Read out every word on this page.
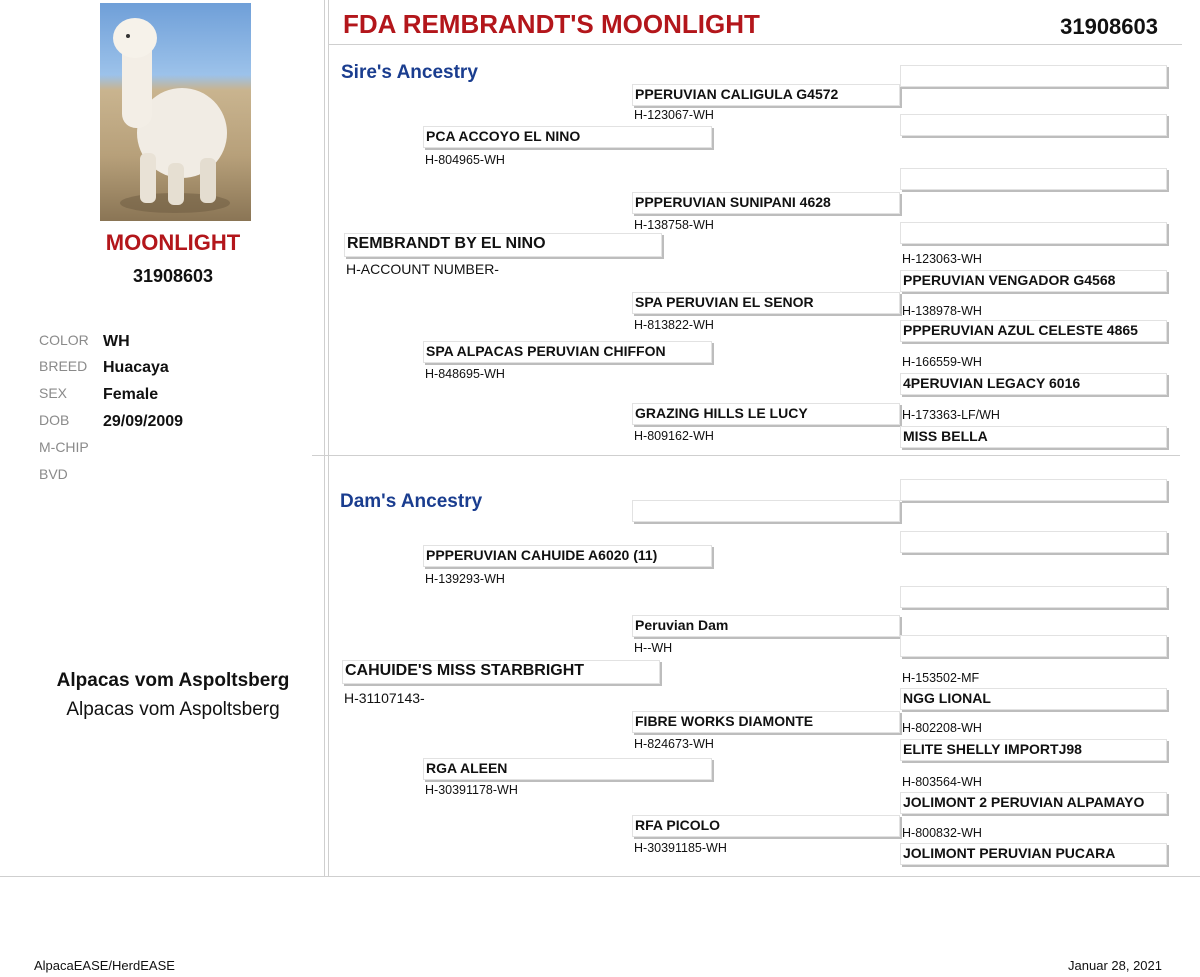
MOONLIGHT
31908603
COLOR WH
BREED Huacaya
SEX Female
DOB 29/09/2009
M-CHIP
BVD
Alpacas vom Aspoltsberg
Alpacas vom Aspoltsberg
FDA REMBRANDT'S MOONLIGHT	31908603
Sire's Ancestry
Dam's Ancestry
REMBRANDT BY EL NINO
H-ACCOUNT NUMBER-
PCA ACCOYO EL NINO
H-804965-WH
SPA ALPACAS PERUVIAN CHIFFON
H-848695-WH
PPERUVIAN CALIGULA G4572
H-123067-WH
PPPERUVIAN SUNIPANI 4628
H-138758-WH
SPA PERUVIAN EL SENOR
H-813822-WH
GRAZING HILLS LE LUCY
H-809162-WH
PPERUVIAN VENGADOR G4568
H-123063-WH
PPPERUVIAN AZUL CELESTE 4865
H-138978-WH
4PERUVIAN LEGACY 6016
H-166559-WH
MISS BELLA
H-173363-LF/WH
CAHUIDE'S MISS STARBRIGHT
H-31107143-
PPPERUVIAN CAHUIDE A6020 (11)
H-139293-WH
RGA ALEEN
H-30391178-WH
Peruvian Dam
H--WH
FIBRE WORKS DIAMONTE
H-824673-WH
RFA PICOLO
H-30391185-WH
NGG LIONAL
H-153502-MF
ELITE SHELLY IMPORTJ98
H-802208-WH
JOLIMONT 2 PERUVIAN ALPAMAYO
H-803564-WH
JOLIMONT PERUVIAN PUCARA
H-800832-WH
AlpacaEASE/HerdEASE	Januar 28, 2021
